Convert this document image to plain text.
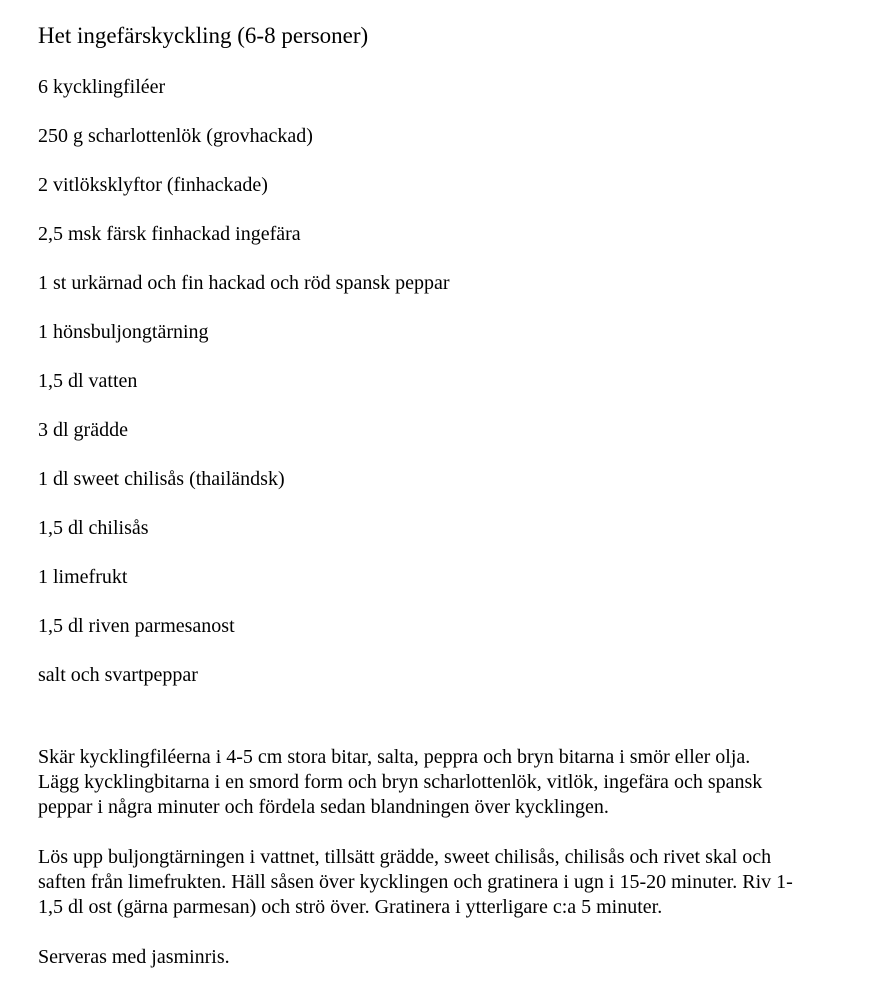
Het ingefärskyckling (6-8 personer)

6 kycklingfiléer

250 g scharlottenlök (grovhackad)

2 vitlöksklyftor (finhackade)

2,5 msk färsk finhackad ingefära

1 st urkärnad och fin hackad och röd spansk peppar

1 hönsbuljongtärning

1,5 dl vatten

3 dl grädde

1 dl sweet chilisås (thailändsk)

1,5 dl chilisås

1 limefrukt

1,5 dl riven parmesanost

salt och svartpeppar

Skär kycklingfiléerna i 4-5 cm stora bitar, salta, peppra och bryn bitarna i smör eller olja.
Lägg kycklingbitarna i en smord form och bryn scharlottenlök, vitlök, ingefära och spansk
peppar i några minuter och fördela sedan blandningen över kycklingen.

Lös upp buljongtärningen i vattnet, tillsätt grädde, sweet chilisås, chilisås och rivet skal och
saften från limefrukten. Häll såsen över kycklingen och gratinera i ugn i 15-20 minuter. Riv 1-
1,5 dl ost (gärna parmesan) och strö över. Gratinera i ytterligare c:a 5 minuter.

Serveras med jasminris.
